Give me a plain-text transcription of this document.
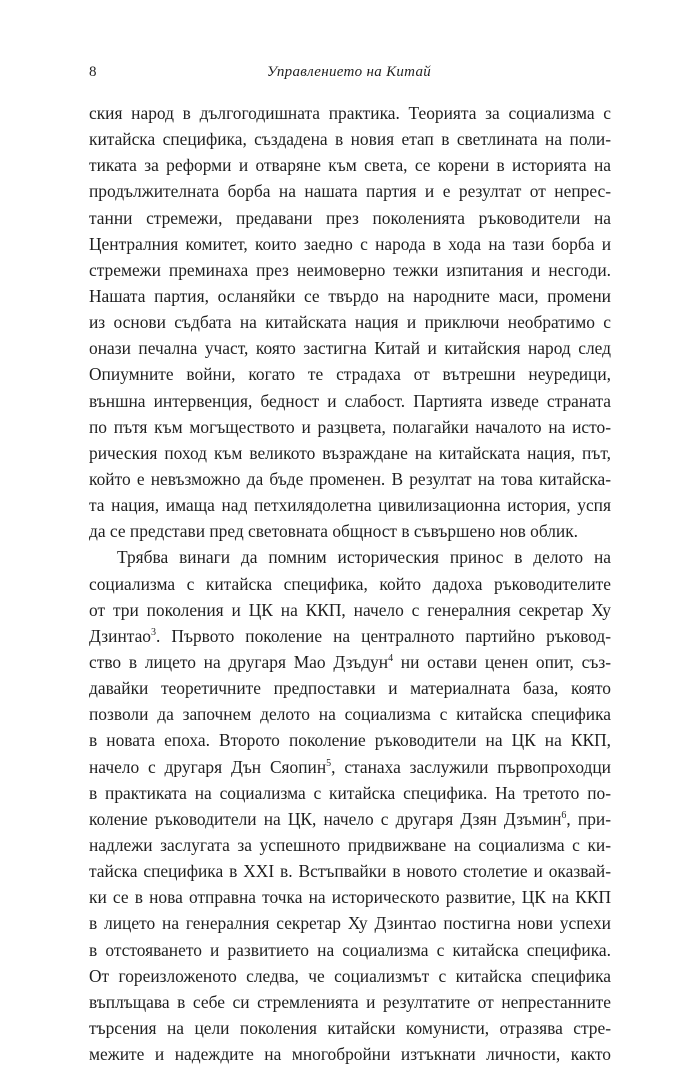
8	Управлението на Китай
ския народ в дългогодишната практика. Теорията за социализма с
китайска специфика, създадена в новия етап в светлината на поли-
тиката за реформи и отваряне към света, се корени в историята на
продължителната борба на нашата партия и е резултат от непрес-
танни стремежи, предавани през поколенията ръководители на
Централния комитет, които заедно с народа в хода на тази борба и
стремежи преминаха през неимоверно тежки изпитания и несгоди.
Нашата партия, осланяйки се твърдо на народните маси, промени
из основи съдбата на китайската нация и приключи необратимо с
онази печална участ, която застигна Китай и китайския народ след
Опиумните войни, когато те страдаха от вътрешни неуредици,
външна интервенция, бедност и слабост. Партията изведе страната
по пътя към могъществото и разцвета, полагайки началото на исто-
рическия поход към великото възраждане на китайската нация, път,
който е невъзможно да бъде променен. В резултат на това китайска-
та нация, имаща над петхилядолетна цивилизационна история, успя
да се представи пред световната общност в съвършено нов облик.
Трябва винаги да помним историческия принос в делото на
социализма с китайска специфика, който дадоха ръководителите
от три поколения и ЦК на ККП, начело с генералния секретар Ху
Дзинтао$^3$. Първото поколение на централното партийно ръковод-
ство в лицето на другаря Мао Дзъдун$^4$ ни остави ценен опит, съз-
давайки теоретичните предпоставки и материалната база, която
позволи да започнем делото на социализма с китайска специфика
в новата епоха. Второто поколение ръководители на ЦК на ККП,
начело с другаря Дън Сяопин$^5$, станаха заслужили първопроходци
в практиката на социализма с китайска специфика. На третото по-
коление ръководители на ЦК, начело с другаря Дзян Дзъмин$^6$, при-
надлежи заслугата за успешното придвижване на социализма с ки-
тайска специфика в XXI в. Встъпвайки в новото столетие и оказвай-
ки се в нова отправна точка на историческото развитие, ЦК на ККП
в лицето на генералния секретар Ху Дзинтао постигна нови успехи
в отстояването и развитието на социализма с китайска специфика.
От гореизложеното следва, че социализмът с китайска специфика
въплъщава в себе си стремленията и резултатите от непрестанните
търсения на цели поколения китайски комунисти, отразява стре-
межите и надеждите на многобройни изтъкнати личности, както
